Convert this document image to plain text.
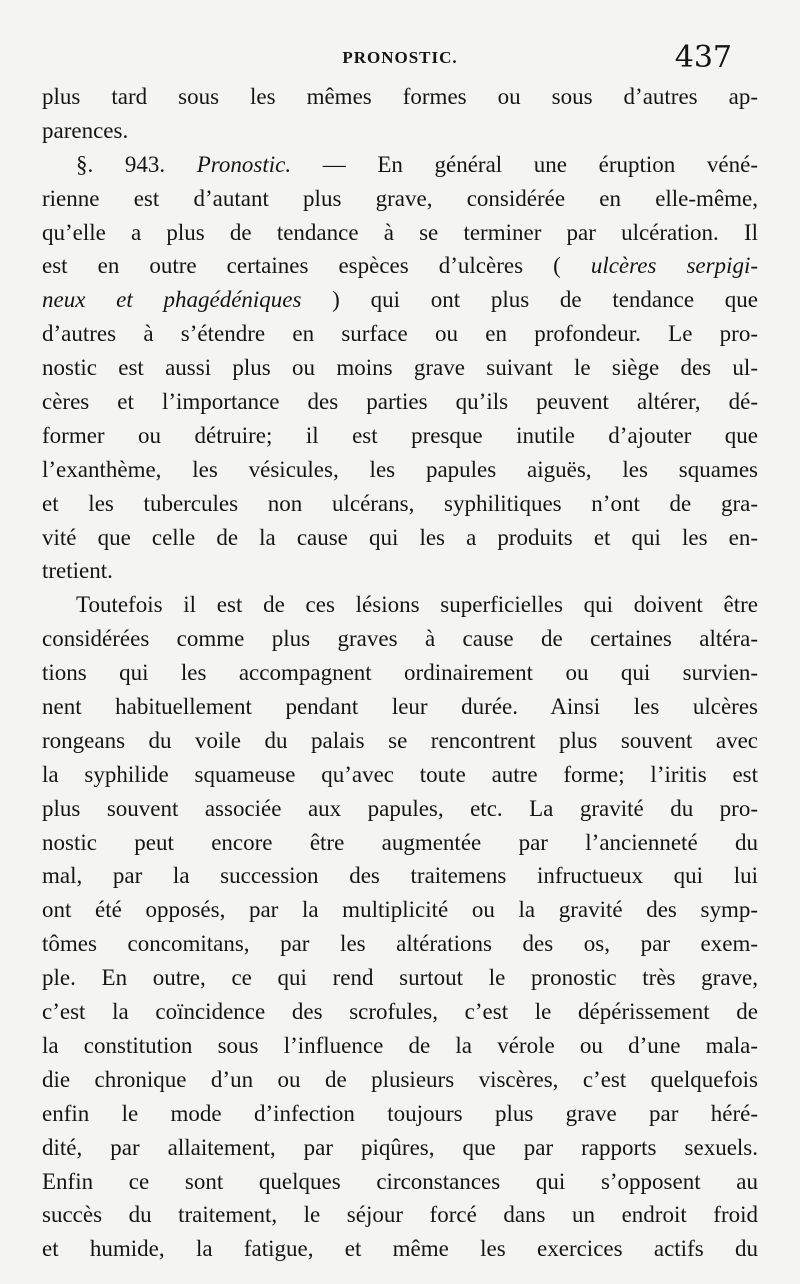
PRONOSTIC.	437
plus tard sous les mêmes formes ou sous d’autres ap-
parences.
§. 943. Pronostic. — En général une éruption véné-
rienne est d’autant plus grave, considérée en elle-même,
qu’elle a plus de tendance à se terminer par ulcération. Il
est en outre certaines espèces d’ulcères ( ulcères serpigi-
neux et phagédéniques ) qui ont plus de tendance que
d’autres à s’étendre en surface ou en profondeur. Le pro-
nostic est aussi plus ou moins grave suivant le siège des ul-
cères et l’importance des parties qu’ils peuvent altérer, dé-
former ou détruire; il est presque inutile d’ajouter que
l’exanthème, les vésicules, les papules aiguës, les squames
et les tubercules non ulcérans, syphilitiques n’ont de gra-
vité que celle de la cause qui les a produits et qui les en-
tretient.
Toutefois il est de ces lésions superficielles qui doivent être
considérées comme plus graves à cause de certaines altéra-
tions qui les accompagnent ordinairement ou qui survien-
nent habituellement pendant leur durée. Ainsi les ulcères
rongeans du voile du palais se rencontrent plus souvent avec
la syphilide squameuse qu’avec toute autre forme; l’iritis est
plus souvent associée aux papules, etc. La gravité du pro-
nostic peut encore être augmentée par l’ancienneté du
mal, par la succession des traitemens infructueux qui lui
ont été opposés, par la multiplicité ou la gravité des symp-
tômes concomitans, par les altérations des os, par exem-
ple. En outre, ce qui rend surtout le pronostic très grave,
c’est la coïncidence des scrofules, c’est le dépérissement de
la constitution sous l’influence de la vérole ou d’une mala-
die chronique d’un ou de plusieurs viscères, c’est quelquefois
enfin le mode d’infection toujours plus grave par héré-
dité, par allaitement, par piqûres, que par rapports sexuels.
Enfin ce sont quelques circonstances qui s’opposent au
succès du traitement, le séjour forcé dans un endroit froid
et humide, la fatigue, et même les exercices actifs du
